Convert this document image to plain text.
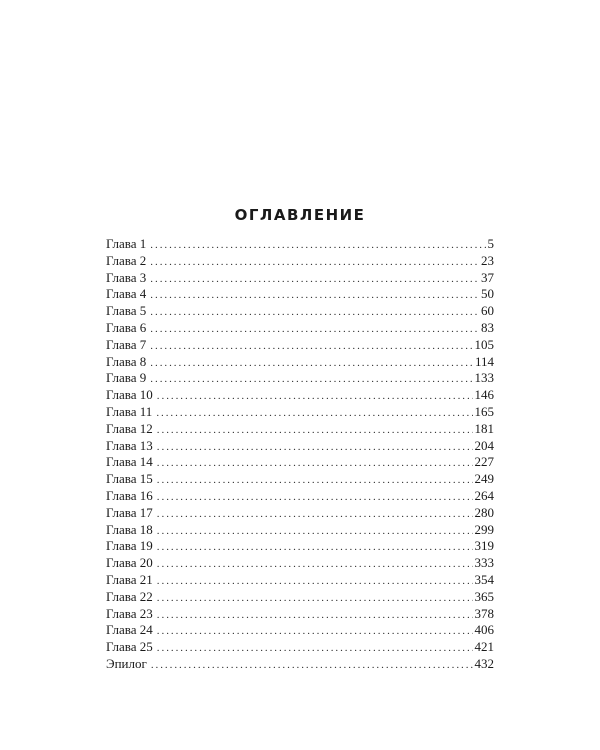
ОГЛАВЛЕНИЕ
Глава 1 . . .	5
Глава 2 . . .	23
Глава 3 . . .	37
Глава 4 . . .	50
Глава 5 . . .	60
Глава 6 . . .	83
Глава 7 . . .	105
Глава 8 . . .	114
Глава 9 . . .	133
Глава 10 . . .	146
Глава 11 . . .	165
Глава 12 . . .	181
Глава 13 . . .	204
Глава 14 . . .	227
Глава 15 . . .	249
Глава 16 . . .	264
Глава 17 . . .	280
Глава 18 . . .	299
Глава 19 . . .	319
Глава 20 . . .	333
Глава 21 . . .	354
Глава 22 . . .	365
Глава 23 . . .	378
Глава 24 . . .	406
Глава 25 . . .	421
Эпилог . . .	432
